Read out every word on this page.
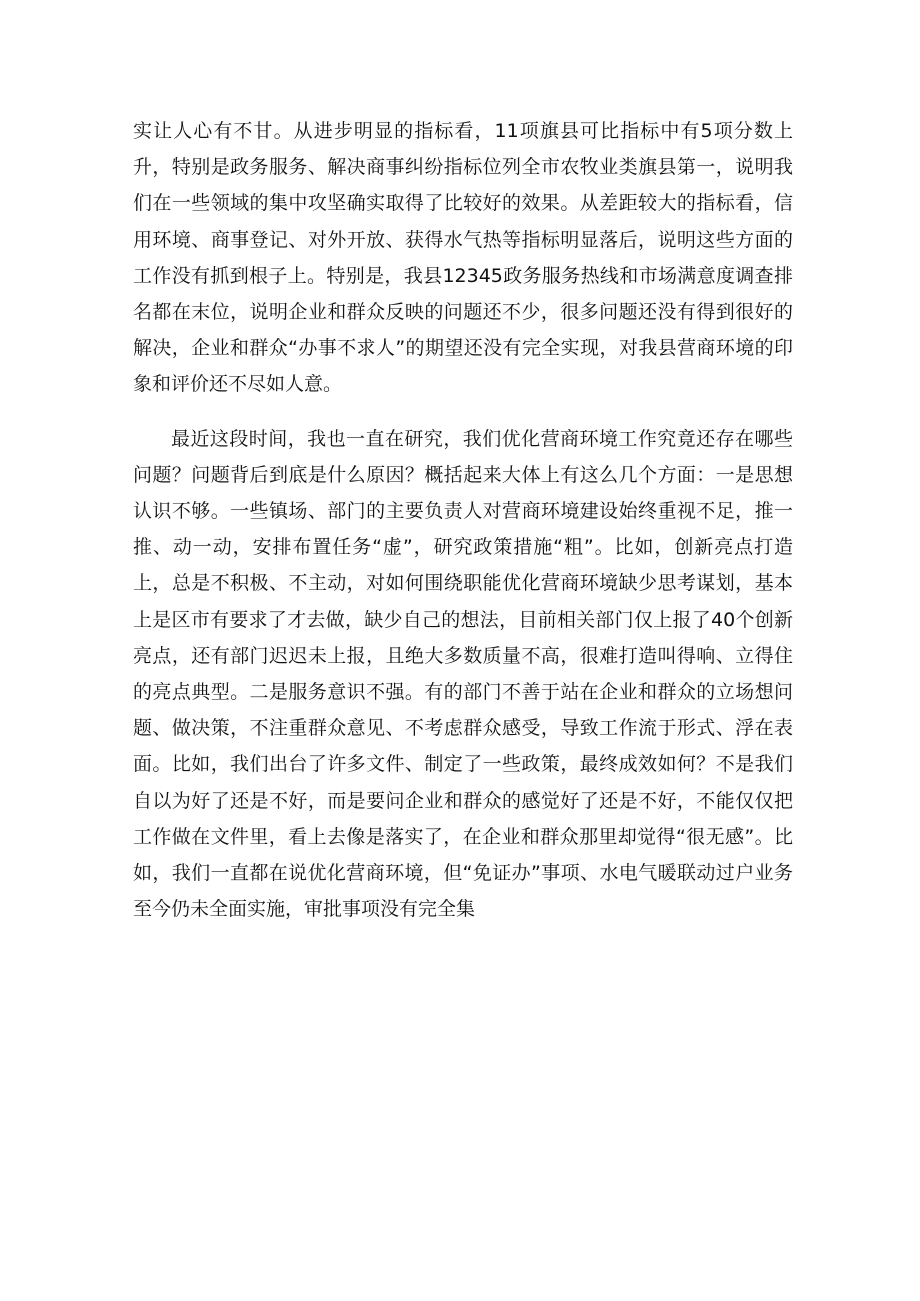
实让人心有不甘。从进步明显的指标看，11项旗县可比指标中有5项分数上升，特别是政务服务、解决商事纠纷指标位列全市农牧业类旗县第一，说明我们在一些领域的集中攻坚确实取得了比较好的效果。从差距较大的指标看，信用环境、商事登记、对外开放、获得水气热等指标明显落后，说明这些方面的工作没有抓到根子上。特别是，我县12345政务服务热线和市场满意度调查排名都在末位，说明企业和群众反映的问题还不少，很多问题还没有得到很好的解决，企业和群众“办事不求人”的期望还没有完全实现，对我县营商环境的印象和评价还不尽如人意。

最近这段时间，我也一直在研究，我们优化营商环境工作究竟还存在哪些问题？问题背后到底是什么原因？概括起来大体上有这么几个方面：一是思想认识不够。一些镇场、部门的主要负责人对营商环境建设始终重视不足，推一推、动一动，安排布置任务“虚”，研究政策措施“粗”。比如，创新亮点打造上，总是不积极、不主动，对如何围绕职能优化营商环境缺少思考谋划，基本上是区市有要求了才去做，缺少自己的想法，目前相关部门仅上报了40个创新亮点，还有部门迟迟未上报，且绝大多数质量不高，很难打造叫得响、立得住的亮点典型。二是服务意识不强。有的部门不善于站在企业和群众的立场想问题、做决策，不注重群众意见、不考虑群众感受，导致工作流于形式、浮在表面。比如，我们出台了许多文件、制定了一些政策，最终成效如何？不是我们自以为好了还是不好，而是要问企业和群众的感觉好了还是不好，不能仅仅把工作做在文件里，看上去像是落实了，在企业和群众那里却觉得“很无感”。比如，我们一直都在说优化营商环境，但“免证办”事项、水电气暖联动过户业务至今仍未全面实施，审批事项没有完全集
